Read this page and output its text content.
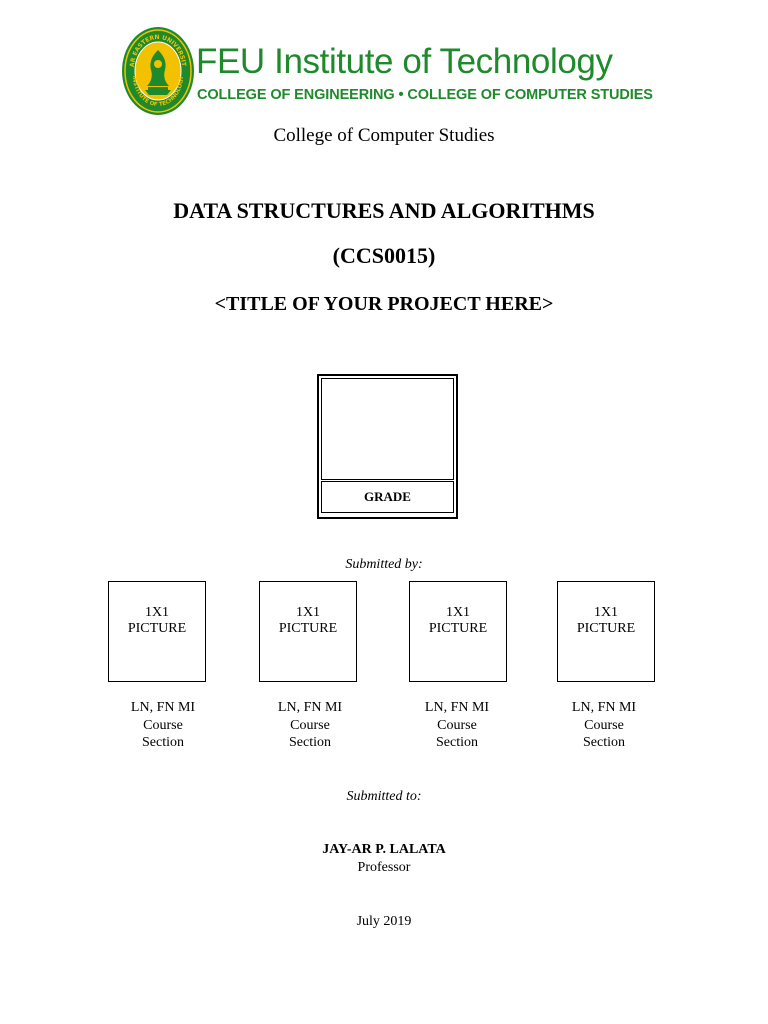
AR EASTERN UNIVERSIT
INSTITUTE OF TECHNOLOGY FEU Institute of Technology
COLLEGE OF ENGINEERING • COLLEGE OF COMPUTER STUDIES
College of Computer Studies
DATA STRUCTURES AND ALGORITHMS
(CCS0015)
<TITLE OF YOUR PROJECT HERE>
GRADE
Submitted by:
1X1
PICTURE
1X1
PICTURE
1X1
PICTURE
1X1
PICTURE
LN, FN MI
Course
Section
LN, FN MI
Course
Section
LN, FN MI
Course
Section
LN, FN MI
Course
Section
Submitted to:
JAY-AR P. LALATA
Professor
July 2019
